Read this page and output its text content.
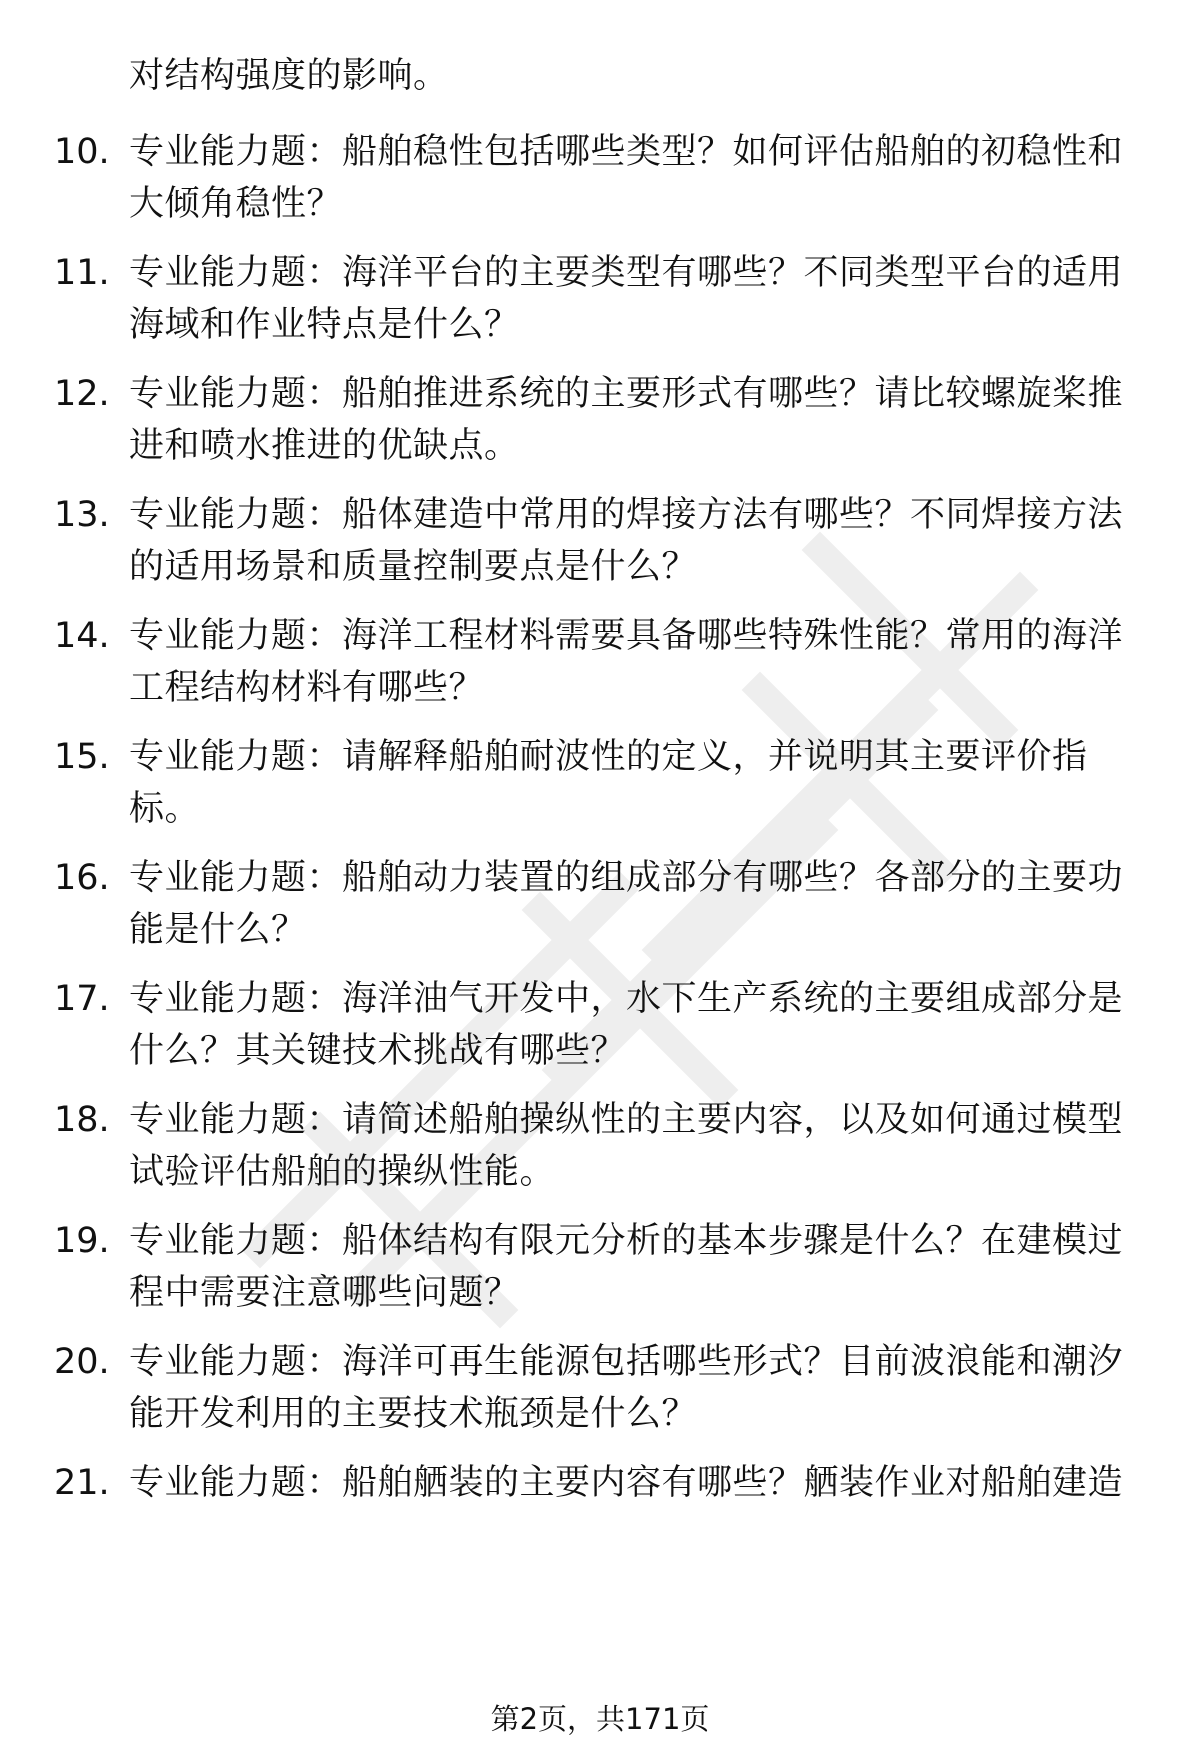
对结构强度的影响。
10. 专业能力题：船舶稳性包括哪些类型？如何评估船舶的初稳性和
大倾角稳性？
11. 专业能力题：海洋平台的主要类型有哪些？不同类型平台的适用
海域和作业特点是什么？
12. 专业能力题：船舶推进系统的主要形式有哪些？请比较螺旋桨推
进和喷水推进的优缺点。
13. 专业能力题：船体建造中常用的焊接方法有哪些？不同焊接方法
的适用场景和质量控制要点是什么？
14. 专业能力题：海洋工程材料需要具备哪些特殊性能？常用的海洋
工程结构材料有哪些？
15. 专业能力题：请解释船舶耐波性的定义，并说明其主要评价指
标。
16. 专业能力题：船舶动力装置的组成部分有哪些？各部分的主要功
能是什么？
17. 专业能力题：海洋油气开发中，水下生产系统的主要组成部分是
什么？其关键技术挑战有哪些？
18. 专业能力题：请简述船舶操纵性的主要内容，以及如何通过模型
试验评估船舶的操纵性能。
19. 专业能力题：船体结构有限元分析的基本步骤是什么？在建模过
程中需要注意哪些问题？
20. 专业能力题：海洋可再生能源包括哪些形式？目前波浪能和潮汐
能开发利用的主要技术瓶颈是什么？
21. 专业能力题：船舶舾装的主要内容有哪些？舾装作业对船舶建造
第2页，共171页
